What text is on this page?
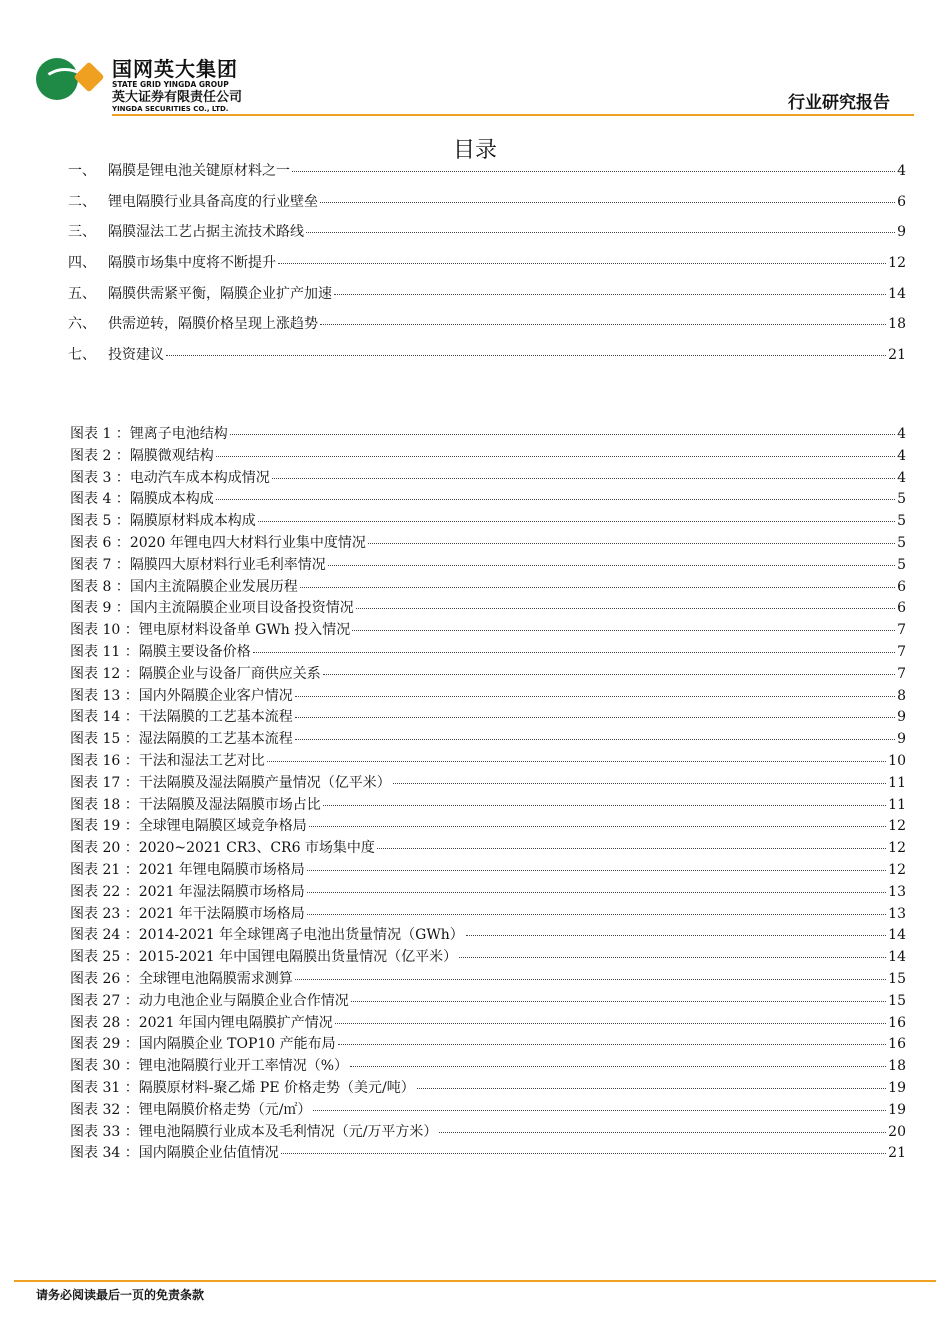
国网英大集团
STATE GRID YINGDA GROUP
英大证券有限责任公司
YINGDA SECURITIES CO., LTD.	行业研究报告
目录
一、 隔膜是锂电池关键原材料之一	4
二、 锂电隔膜行业具备高度的行业壁垒	6
三、 隔膜湿法工艺占据主流技术路线	9
四、 隔膜市场集中度将不断提升	12
五、 隔膜供需紧平衡，隔膜企业扩产加速	14
六、 供需逆转，隔膜价格呈现上涨趋势	18
七、 投资建议	21
图表 1 ： 锂离子电池结构	4
图表 2 ： 隔膜微观结构	4
图表 3 ： 电动汽车成本构成情况	4
图表 4 ： 隔膜成本构成	5
图表 5 ： 隔膜原材料成本构成	5
图表 6 ： 2020 年锂电四大材料行业集中度情况	5
图表 7 ： 隔膜四大原材料行业毛利率情况	5
图表 8 ： 国内主流隔膜企业发展历程	6
图表 9 ： 国内主流隔膜企业项目设备投资情况	6
图表 10 ： 锂电原材料设备单 GWh 投入情况	7
图表 11 ： 隔膜主要设备价格	7
图表 12 ： 隔膜企业与设备厂商供应关系	7
图表 13 ： 国内外隔膜企业客户情况	8
图表 14 ： 干法隔膜的工艺基本流程	9
图表 15 ： 湿法隔膜的工艺基本流程	9
图表 16 ： 干法和湿法工艺对比	10
图表 17 ： 干法隔膜及湿法隔膜产量情况（亿平米）	11
图表 18 ： 干法隔膜及湿法隔膜市场占比	11
图表 19 ： 全球锂电隔膜区域竞争格局	12
图表 20 ： 2020~2021 CR3、CR6 市场集中度	12
图表 21 ： 2021 年锂电隔膜市场格局	12
图表 22 ： 2021 年湿法隔膜市场格局	13
图表 23 ： 2021 年干法隔膜市场格局	13
图表 24 ： 2014-2021 年全球锂离子电池出货量情况（GWh）	14
图表 25 ： 2015-2021 年中国锂电隔膜出货量情况（亿平米）	14
图表 26 ： 全球锂电池隔膜需求测算	15
图表 27 ： 动力电池企业与隔膜企业合作情况	15
图表 28 ： 2021 年国内锂电隔膜扩产情况	16
图表 29 ： 国内隔膜企业 TOP10 产能布局	16
图表 30 ： 锂电池隔膜行业开工率情况（%）	18
图表 31 ： 隔膜原材料-聚乙烯 PE 价格走势（美元/吨）	19
图表 32 ： 锂电隔膜价格走势（元/㎡）	19
图表 33 ： 锂电池隔膜行业成本及毛利情况（元/万平方米）	20
图表 34 ： 国内隔膜企业估值情况	21
请务必阅读最后一页的免责条款
